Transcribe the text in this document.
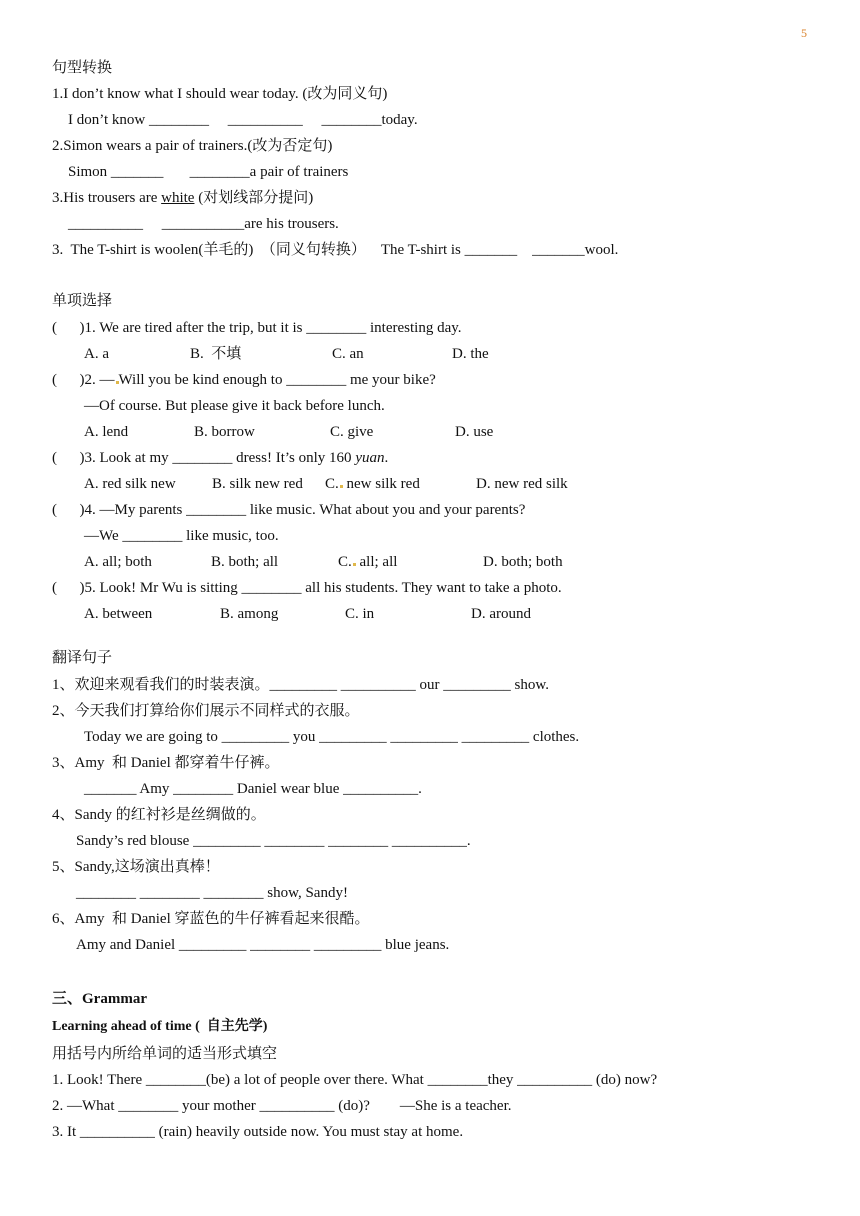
5
句型转换
1.I don’t know what I should wear today. (改为同义句)
I don’t know ________     __________     ________today.
2.Simon wears a pair of trainers.(改为否定句)
Simon _______       ________a pair of trainers
3.His trousers are white (对划线部分提问)
__________     ___________are his trousers.
3.  The T-shirt is woolen(羊毛的)  （同义句转换）    The T-shirt is _______    _______wool.
单项选择
(      )1. We are tired after the trip, but it is ________ interesting day.
A. a	B.  不填	C. an	D. the
(      )2. — Will you be kind enough to ________ me your bike?
—Of course. But please give it back before lunch.
A. lend	B. borrow	C. give	D. use
(      )3. Look at my ________ dress! It’s only 160 yuan.
A. red silk new B. silk new red C. new silk red	D. new red silk
(      )4. —My parents ________ like music. What about you and your parents?
—We ________ like music, too.
A. all; both	B. both; all	C. all; all	D. both; both
(      )5. Look! Mr Wu is sitting ________ all his students. They want to take a photo.
A. between	B. among	C. in	D. around
翻译句子
1、欢迎来观看我们的时装表演。_________ __________ our _________ show.
2、今天我们打算给你们展示不同样式的衣服。
Today we are going to _________ you _________ _________ _________ clothes.
3、Amy  和 Daniel 都穿着牛仔裤。
_______ Amy ________ Daniel wear blue __________.
4、Sandy 的红衬衫是丝绸做的。
Sandy’s red blouse _________ ________ ________ __________.
5、Sandy,这场演出真棒！
________ ________ ________ show, Sandy!
6、Amy  和 Daniel 穿蓝色的牛仔裤看起来很酷。
Amy and Daniel _________ ________ _________ blue jeans.
三、Grammar
Learning ahead of time (  自主先学)
用括号内所给单词的适当形式填空
1. Look! There ________(be) a lot of people over there. What ________they __________ (do) now?
2. —What ________ your mother __________ (do)?        —She is a teacher.
3. It __________ (rain) heavily outside now. You must stay at home.
